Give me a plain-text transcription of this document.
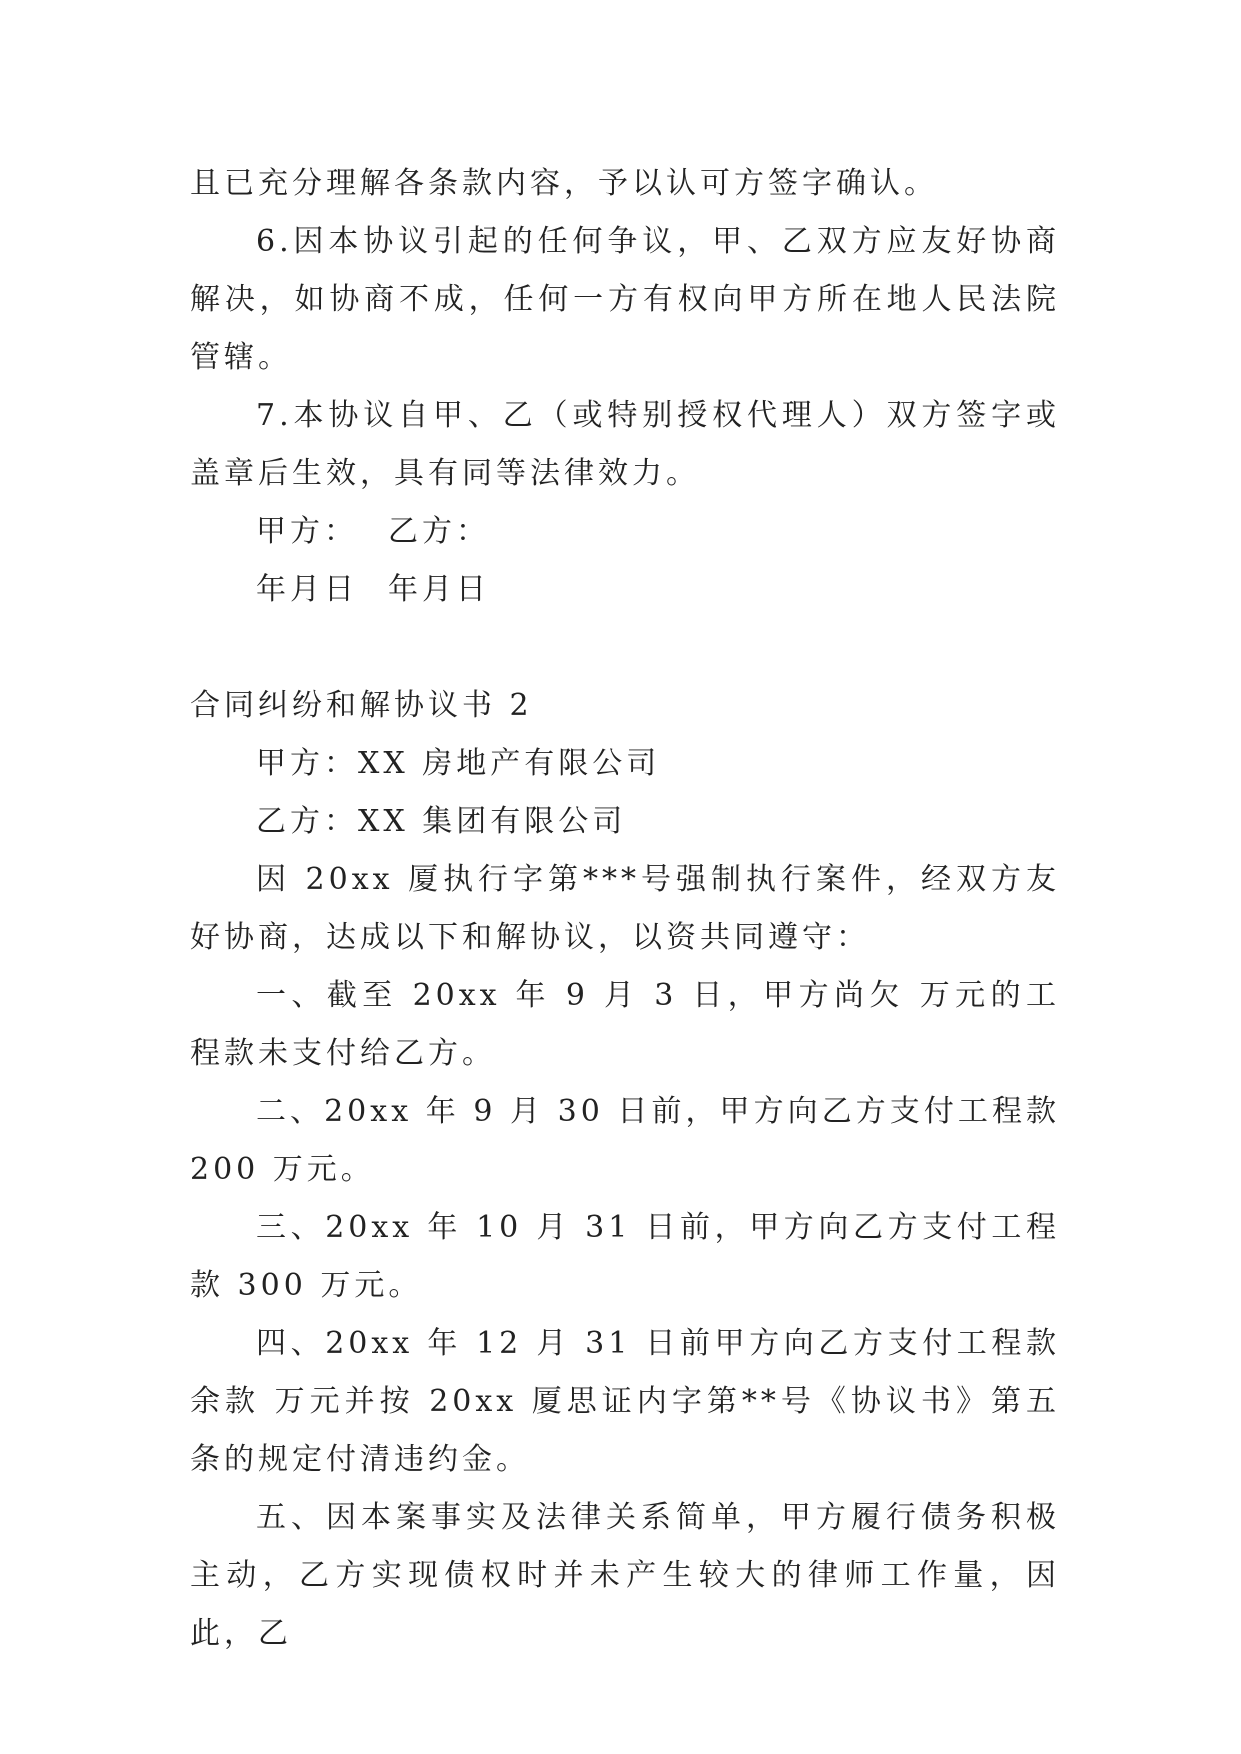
且已充分理解各条款内容，予以认可方签字确认。

6.因本协议引起的任何争议，甲、乙双方应友好协商解决，如协商不成，任何一方有权向甲方所在地人民法院管辖。

7.本协议自甲、乙（或特别授权代理人）双方签字或盖章后生效，具有同等法律效力。

甲方： 乙方：

年月日 年月日

合同纠纷和解协议书 2

甲方：XX 房地产有限公司

乙方：XX 集团有限公司

因 20xx 厦执行字第***号强制执行案件，经双方友好协商，达成以下和解协议，以资共同遵守：

一、截至 20xx 年 9 月 3 日，甲方尚欠 万元的工程款未支付给乙方。

二、20xx 年 9 月 30 日前，甲方向乙方支付工程款 200 万元。

三、20xx 年 10 月 31 日前，甲方向乙方支付工程款 300 万元。

四、20xx 年 12 月 31 日前甲方向乙方支付工程款余款 万元并按 20xx 厦思证内字第**号《协议书》第五条的规定付清违约金。

五、因本案事实及法律关系简单，甲方履行债务积极主动，乙方实现债权时并未产生较大的律师工作量，因此，乙
